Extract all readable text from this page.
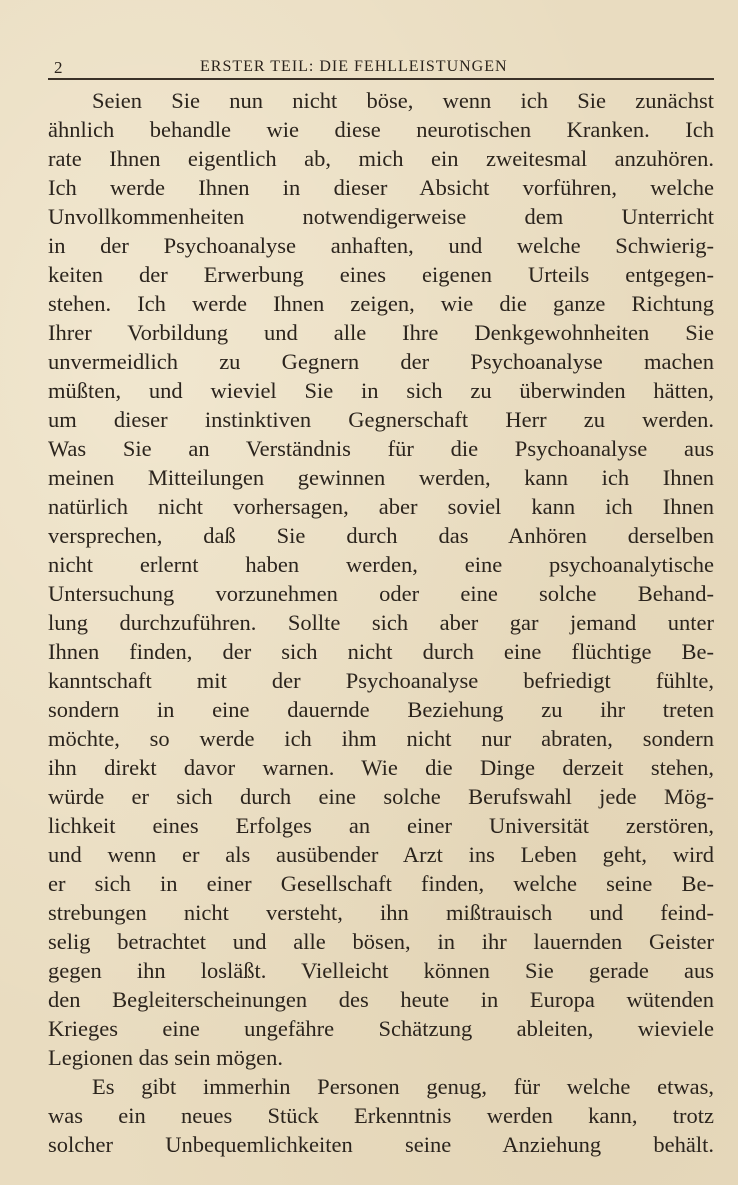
2	ERSTER TEIL: DIE FEHLLEISTUNGEN
Seien Sie nun nicht böse, wenn ich Sie zunächst
ähnlich behandle wie diese neurotischen Kranken. Ich
rate Ihnen eigentlich ab, mich ein zweitesmal anzuhören.
Ich werde Ihnen in dieser Absicht vorführen, welche
Unvollkommenheiten notwendigerweise dem Unterricht
in der Psychoanalyse anhaften, und welche Schwierig-
keiten der Erwerbung eines eigenen Urteils entgegen-
stehen. Ich werde Ihnen zeigen, wie die ganze Richtung
Ihrer Vorbildung und alle Ihre Denkgewohnheiten Sie
unvermeidlich zu Gegnern der Psychoanalyse machen
müßten, und wieviel Sie in sich zu überwinden hätten,
um dieser instinktiven Gegnerschaft Herr zu werden.
Was Sie an Verständnis für die Psychoanalyse aus
meinen Mitteilungen gewinnen werden, kann ich Ihnen
natürlich nicht vorhersagen, aber soviel kann ich Ihnen
versprechen, daß Sie durch das Anhören derselben
nicht erlernt haben werden, eine psychoanalytische
Untersuchung vorzunehmen oder eine solche Behand-
lung durchzuführen. Sollte sich aber gar jemand unter
Ihnen finden, der sich nicht durch eine flüchtige Be-
kanntschaft mit der Psychoanalyse befriedigt fühlte,
sondern in eine dauernde Beziehung zu ihr treten
möchte, so werde ich ihm nicht nur abraten, sondern
ihn direkt davor warnen. Wie die Dinge derzeit stehen,
würde er sich durch eine solche Berufswahl jede Mög-
lichkeit eines Erfolges an einer Universität zerstören,
und wenn er als ausübender Arzt ins Leben geht, wird
er sich in einer Gesellschaft finden, welche seine Be-
strebungen nicht versteht, ihn mißtrauisch und feind-
selig betrachtet und alle bösen, in ihr lauernden Geister
gegen ihn losläßt. Vielleicht können Sie gerade aus
den Begleiterscheinungen des heute in Europa wütenden
Krieges eine ungefähre Schätzung ableiten, wieviele
Legionen das sein mögen.
Es gibt immerhin Personen genug, für welche etwas,
was ein neues Stück Erkenntnis werden kann, trotz
solcher Unbequemlichkeiten seine Anziehung behält.
